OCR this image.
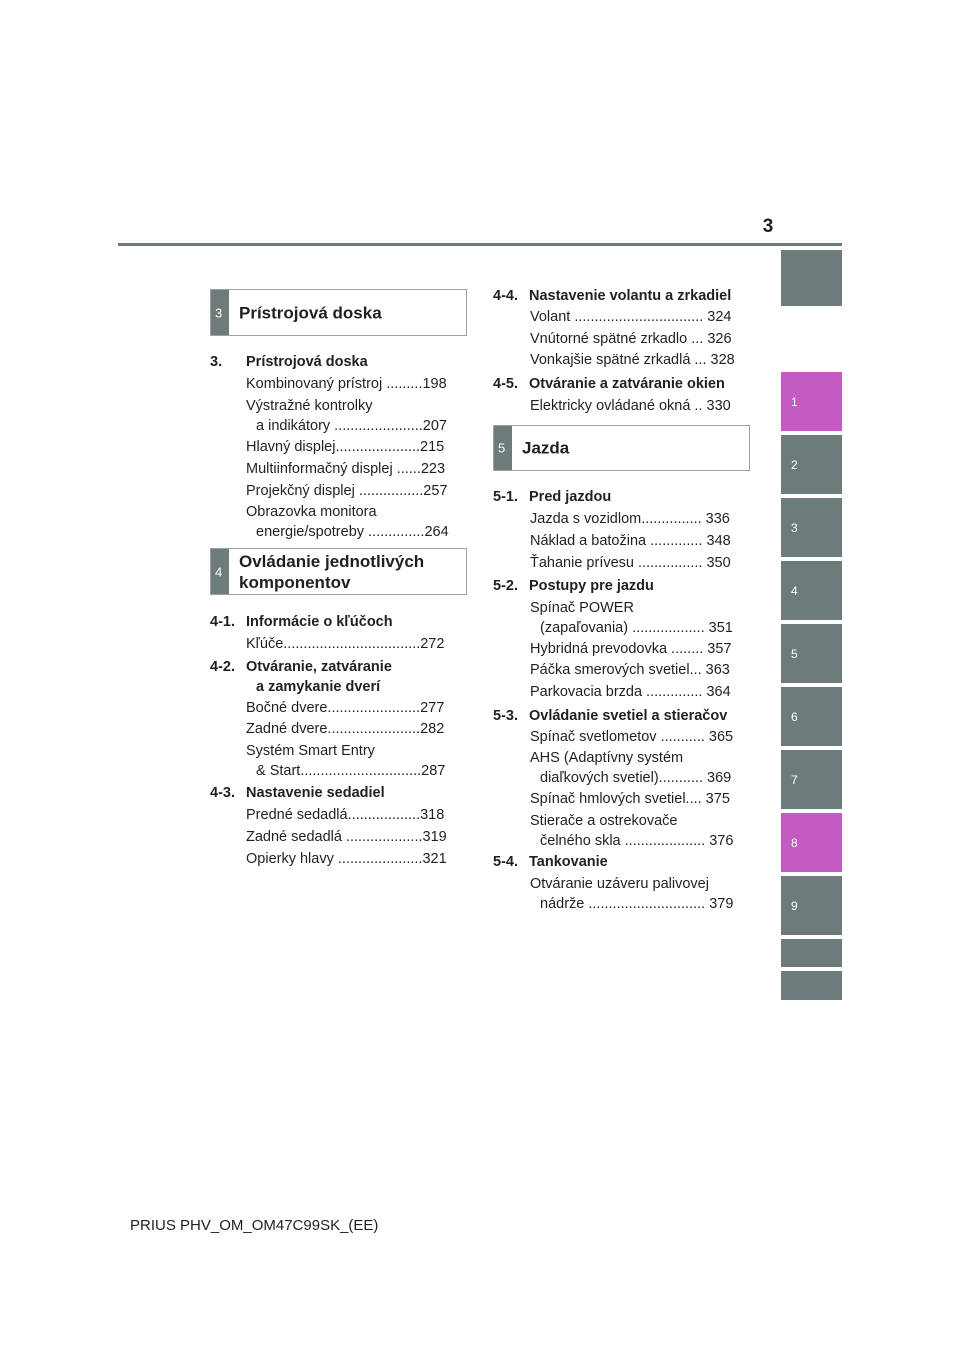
3
1
2
3
4
5
6
7
8
9
3 Prístrojová doska
3. Prístrojová doska
Kombinovaný prístroj .........198
Výstražné kontrolky
a indikátory ......................207
Hlavný displej.....................215
Multiinformačný displej ......223
Projekčný displej ................257
Obrazovka monitora
energie/spotreby ..............264
4
Ovládanie jednotlivých
komponentov
4-1. Informácie o kľúčoch
Kľúče..................................272
4-2. Otváranie, zatváranie
a zamykanie dverí
Bočné dvere.......................277
Zadné dvere.......................282
Systém Smart Entry
& Start..............................287
4-3. Nastavenie sedadiel
Predné sedadlá..................318
Zadné sedadlá ...................319
Opierky hlavy .....................321
4-4. Nastavenie volantu a zrkadiel
Volant ................................ 324
Vnútorné spätné zrkadlo ... 326
Vonkajšie spätné zrkadlá ... 328
4-5. Otváranie a zatváranie okien
Elektricky ovládané okná .. 330
5 Jazda
5-1. Pred jazdou
Jazda s vozidlom............... 336
Náklad a batožina ............. 348
Ťahanie prívesu ................ 350
5-2. Postupy pre jazdu
Spínač POWER
(zapaľovania) .................. 351
Hybridná prevodovka ........ 357
Páčka smerových svetiel... 363
Parkovacia brzda .............. 364
5-3. Ovládanie svetiel a stieračov
Spínač svetlometov ........... 365
AHS (Adaptívny systém
diaľkových svetiel)........... 369
Spínač hmlových svetiel.... 375
Stierače a ostrekovače
čelného skla .................... 376
5-4. Tankovanie
Otváranie uzáveru palivovej
nádrže ............................. 379
PRIUS PHV_OM_OM47C99SK_(EE)
